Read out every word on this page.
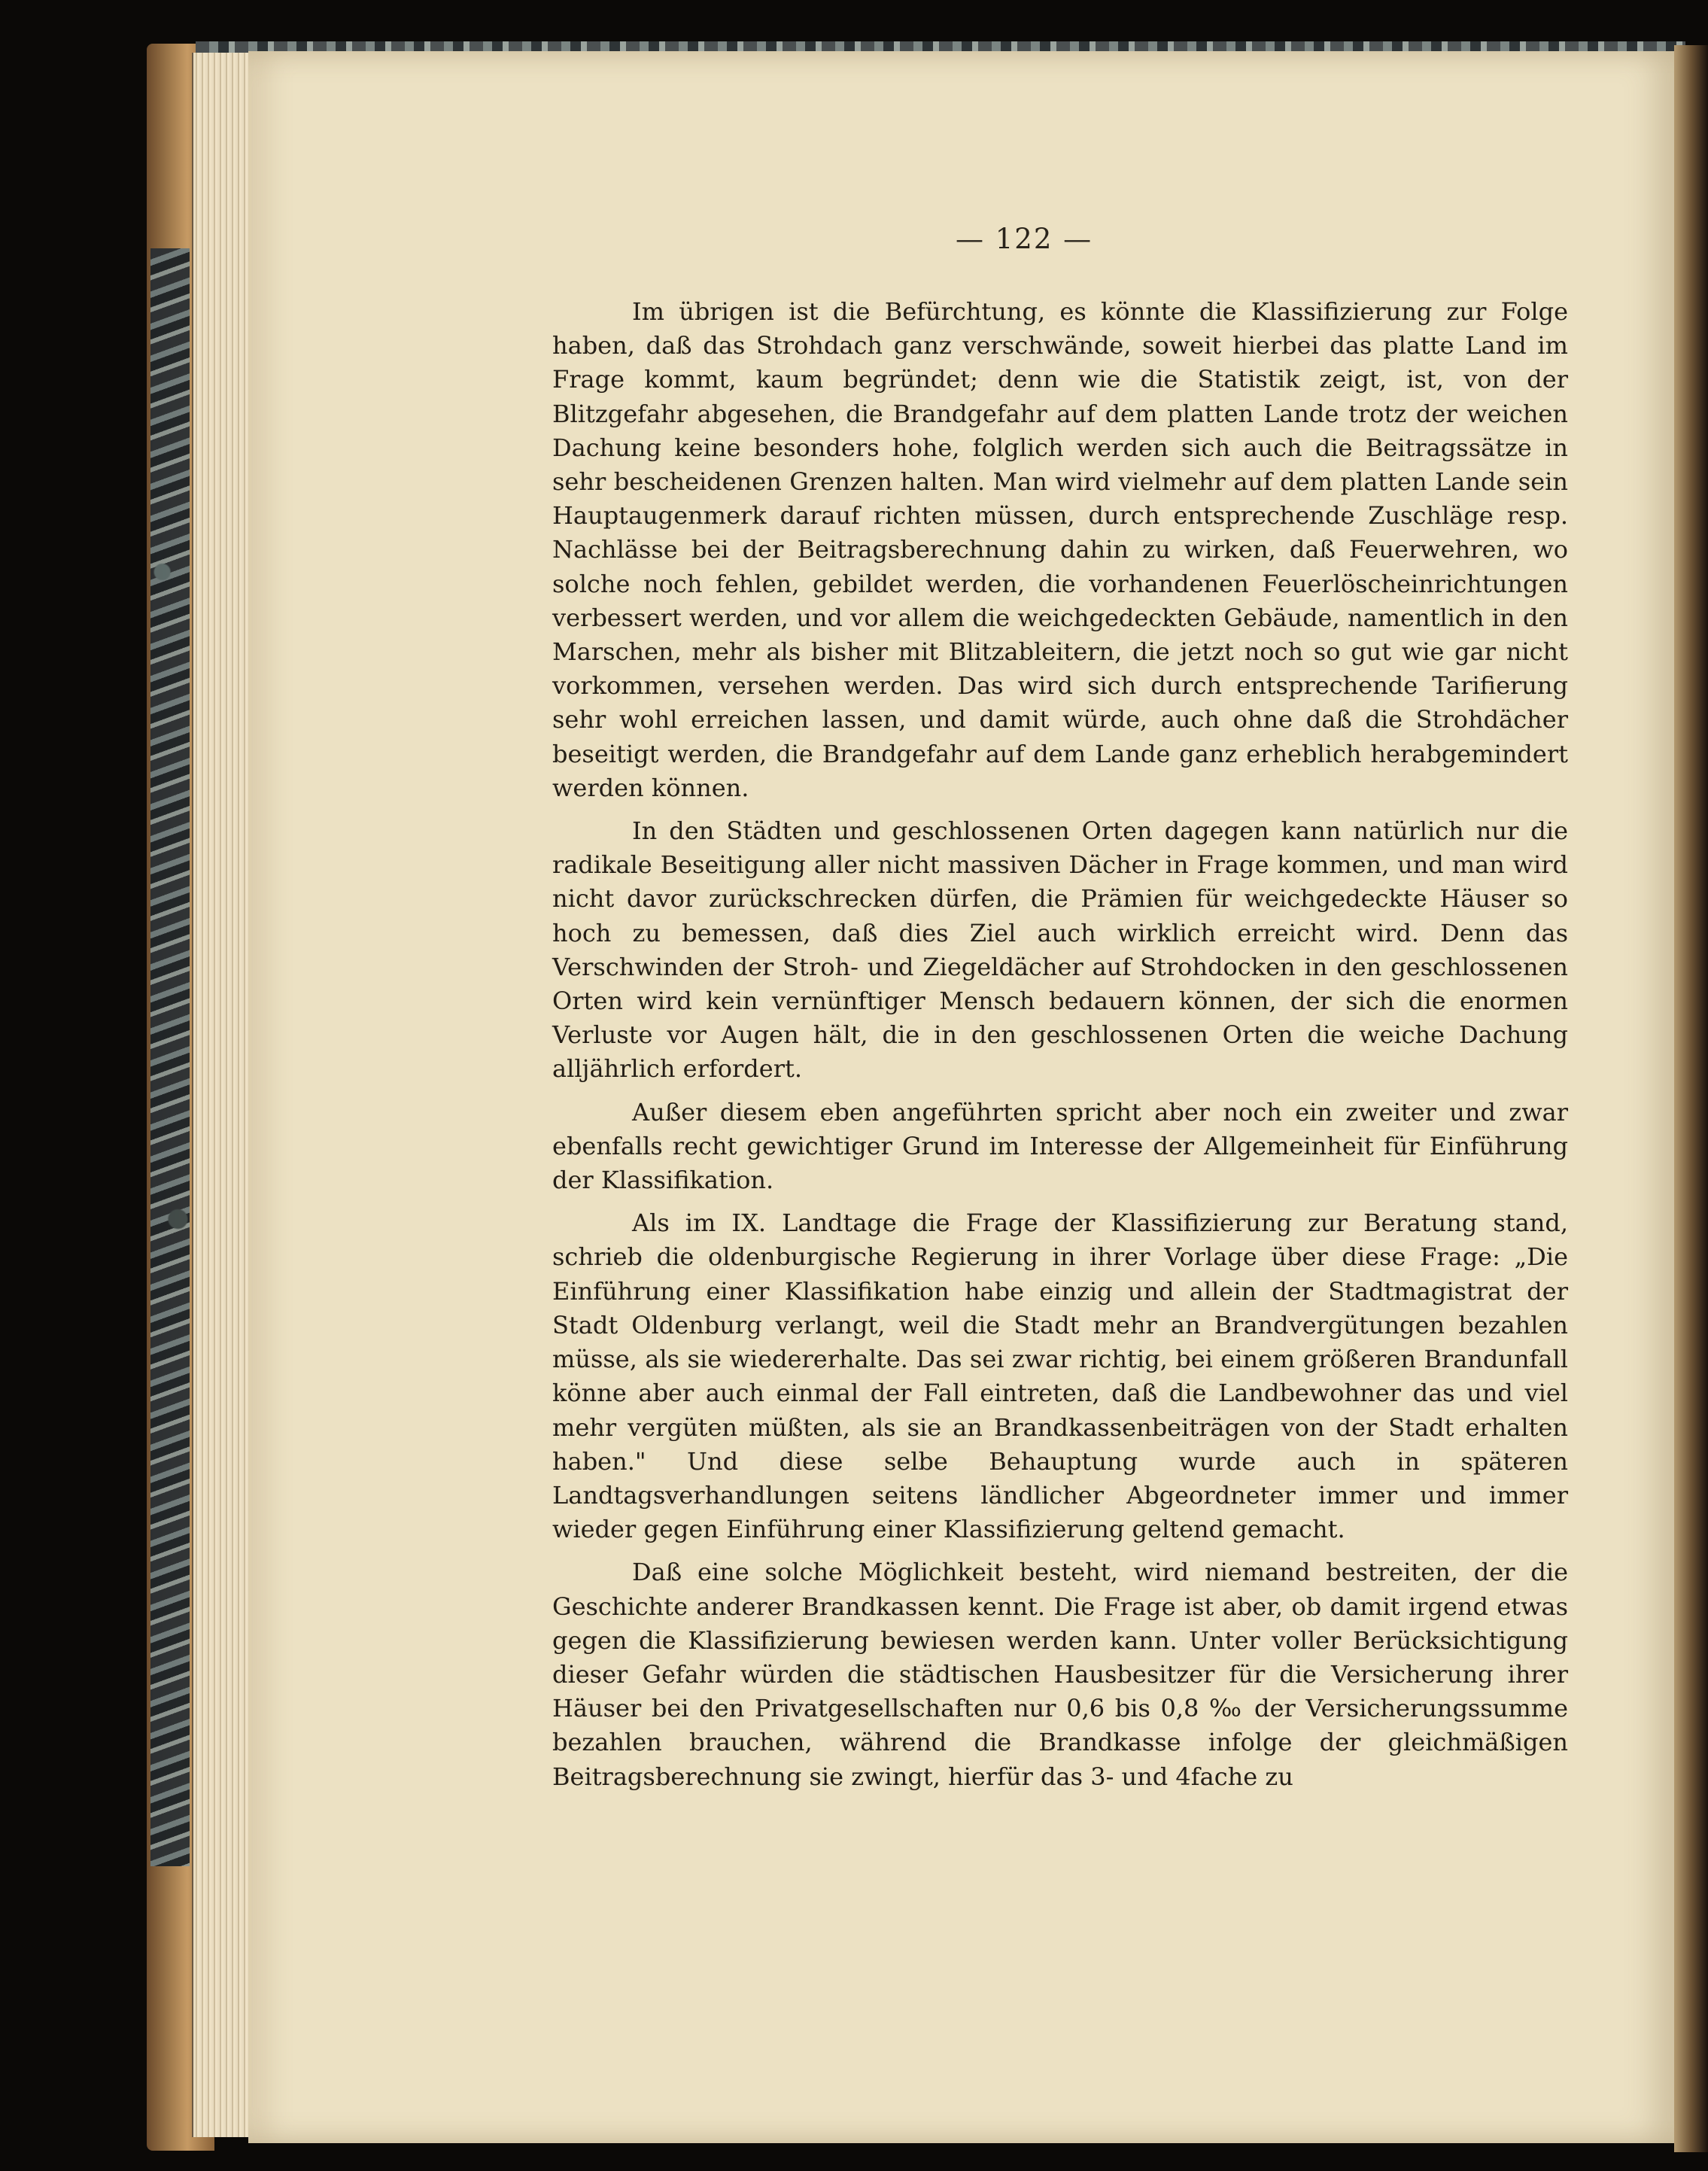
— 122 —

Im übrigen ist die Befürchtung, es könnte die Klassifizierung zur Folge haben, daß das Strohdach ganz verschwände, soweit hierbei das platte Land im Frage kommt, kaum begründet; denn wie die Statistik zeigt, ist, von der Blitzgefahr abgesehen, die Brandgefahr auf dem platten Lande trotz der weichen Dachung keine besonders hohe, folglich werden sich auch die Beitragssätze in sehr bescheidenen Grenzen halten. Man wird vielmehr auf dem platten Lande sein Hauptaugenmerk darauf richten müssen, durch entsprechende Zuschläge resp. Nachlässe bei der Beitragsberechnung dahin zu wirken, daß Feuerwehren, wo solche noch fehlen, gebildet werden, die vorhandenen Feuerlöscheinrichtungen verbessert werden, und vor allem die weichgedeckten Gebäude, namentlich in den Marschen, mehr als bisher mit Blitzableitern, die jetzt noch so gut wie gar nicht vorkommen, versehen werden. Das wird sich durch entsprechende Tarifierung sehr wohl erreichen lassen, und damit würde, auch ohne daß die Strohdächer beseitigt werden, die Brandgefahr auf dem Lande ganz erheblich herabgemindert werden können.

In den Städten und geschlossenen Orten dagegen kann natürlich nur die radikale Beseitigung aller nicht massiven Dächer in Frage kommen, und man wird nicht davor zurückschrecken dürfen, die Prämien für weichgedeckte Häuser so hoch zu bemessen, daß dies Ziel auch wirklich erreicht wird. Denn das Verschwinden der Stroh- und Ziegeldächer auf Strohdocken in den geschlossenen Orten wird kein vernünftiger Mensch bedauern können, der sich die enormen Verluste vor Augen hält, die in den geschlossenen Orten die weiche Dachung alljährlich erfordert.

Außer diesem eben angeführten spricht aber noch ein zweiter und zwar ebenfalls recht gewichtiger Grund im Interesse der Allgemeinheit für Einführung der Klassifikation.

Als im IX. Landtage die Frage der Klassifizierung zur Beratung stand, schrieb die oldenburgische Regierung in ihrer Vorlage über diese Frage: „Die Einführung einer Klassifikation habe einzig und allein der Stadtmagistrat der Stadt Oldenburg verlangt, weil die Stadt mehr an Brandvergütungen bezahlen müsse, als sie wiedererhalte. Das sei zwar richtig, bei einem größeren Brandunfall könne aber auch einmal der Fall eintreten, daß die Landbewohner das und viel mehr vergüten müßten, als sie an Brandkassenbeiträgen von der Stadt erhalten haben." Und diese selbe Behauptung wurde auch in späteren Landtagsverhandlungen seitens ländlicher Abgeordneter immer und immer wieder gegen Einführung einer Klassifizierung geltend gemacht.

Daß eine solche Möglichkeit besteht, wird niemand bestreiten, der die Geschichte anderer Brandkassen kennt. Die Frage ist aber, ob damit irgend etwas gegen die Klassifizierung bewiesen werden kann. Unter voller Berücksichtigung dieser Gefahr würden die städtischen Hausbesitzer für die Versicherung ihrer Häuser bei den Privatgesellschaften nur 0,6 bis 0,8 ‰ der Versicherungssumme bezahlen brauchen, während die Brandkasse infolge der gleichmäßigen Beitragsberechnung sie zwingt, hierfür das 3- und 4fache zu
